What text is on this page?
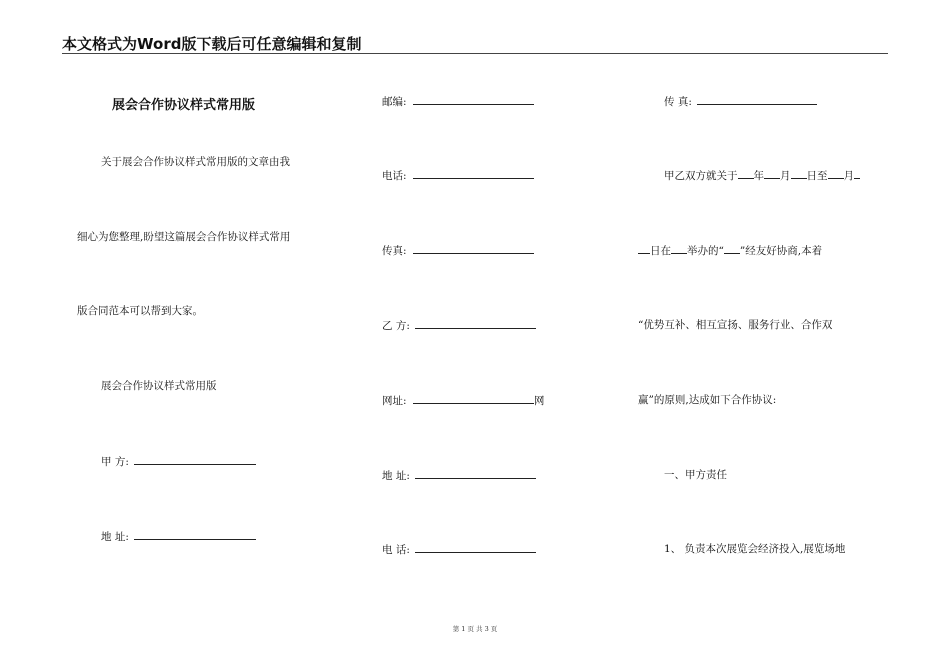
本文格式为Word版下载后可任意编辑和复制
展会合作协议样式常用版
关于展会合作协议样式常用版的文章由我
细心为您整理,盼望这篇展会合作协议样式常用
版合同范本可以帮到大家。
展会合作协议样式常用版
甲 方:
地 址:
邮编:
电话:
传真:
乙 方:
网址:	网
地 址:
电 话:
传 真:
甲乙双方就关于 年 月 日至 月
日在 举办的“ ”经友好协商,本着
“优势互补、相互宣扬、服务行业、合作双
赢”的原则,达成如下合作协议:
一、甲方责任
1、 负责本次展览会经济投入,展览场地
第 1 页 共 3 页
